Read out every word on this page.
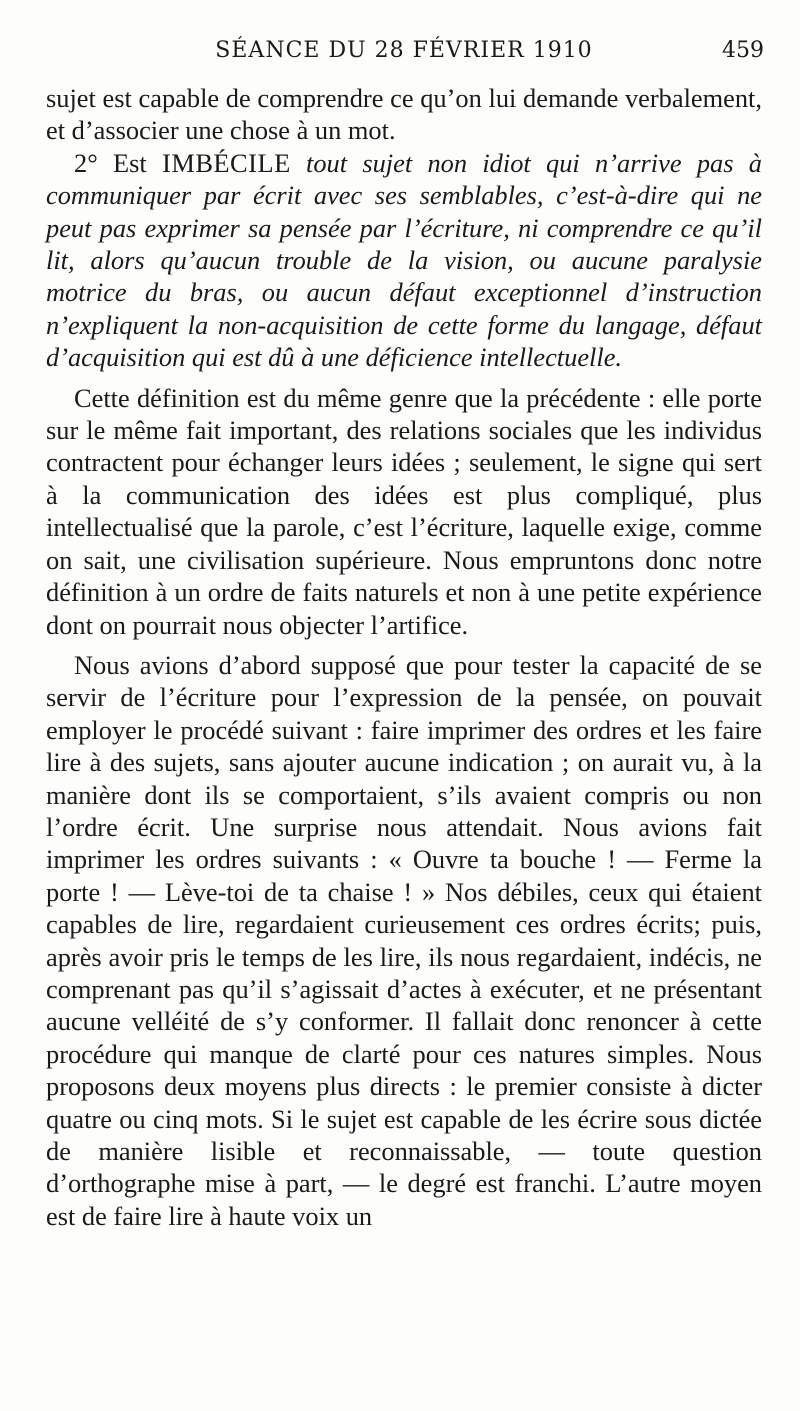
SÉANCE DU 28 FÉVRIER 1910	459

sujet est capable de comprendre ce qu’on lui demande verbalement, et d’associer une chose à un mot.

2° Est IMBÉCILE tout sujet non idiot qui n’arrive pas à communiquer par écrit avec ses semblables, c’est-à-dire qui ne peut pas exprimer sa pensée par l’écriture, ni comprendre ce qu’il lit, alors qu’aucun trouble de la vision, ou aucune paralysie motrice du bras, ou aucun défaut exceptionnel d’instruction n’expliquent la non-acquisition de cette forme du langage, défaut d’acquisition qui est dû à une déficience intellectuelle.

Cette définition est du même genre que la précédente : elle porte sur le même fait important, des relations sociales que les individus contractent pour échanger leurs idées ; seulement, le signe qui sert à la communication des idées est plus compliqué, plus intellectualisé que la parole, c’est l’écriture, laquelle exige, comme on sait, une civilisation supérieure. Nous empruntons donc notre définition à un ordre de faits naturels et non à une petite expérience dont on pourrait nous objecter l’artifice.

Nous avions d’abord supposé que pour tester la capacité de se servir de l’écriture pour l’expression de la pensée, on pouvait employer le procédé suivant : faire imprimer des ordres et les faire lire à des sujets, sans ajouter aucune indication ; on aurait vu, à la manière dont ils se comportaient, s’ils avaient compris ou non l’ordre écrit. Une surprise nous attendait. Nous avions fait imprimer les ordres suivants : « Ouvre ta bouche ! — Ferme la porte ! — Lève-toi de ta chaise ! » Nos débiles, ceux qui étaient capables de lire, regardaient curieusement ces ordres écrits; puis, après avoir pris le temps de les lire, ils nous regardaient, indécis, ne comprenant pas qu’il s’agissait d’actes à exécuter, et ne présentant aucune velléité de s’y conformer. Il fallait donc renoncer à cette procédure qui manque de clarté pour ces natures simples. Nous proposons deux moyens plus directs : le premier consiste à dicter quatre ou cinq mots. Si le sujet est capable de les écrire sous dictée de manière lisible et reconnaissable, — toute question d’orthographe mise à part, — le degré est franchi. L’autre moyen est de faire lire à haute voix un
